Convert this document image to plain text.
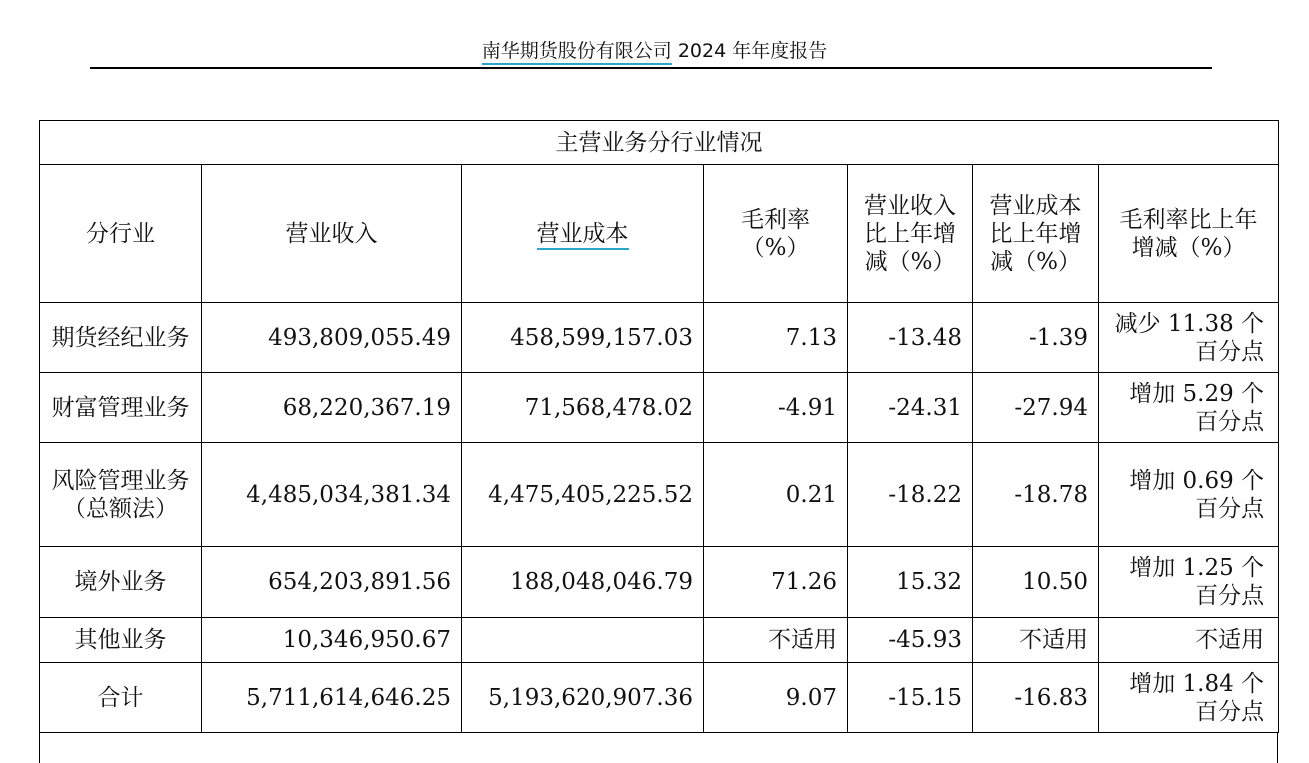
南华期货股份有限公司 2024 年年度报告
主营业务分行业情况						
分行业	营业收入	营业成本	毛利率（%）	营业收入比上年增减（%）	营业成本比上年增减（%）	毛利率比上年增减（%）
期货经纪业务	493,809,055.49	458,599,157.03	7.13	-13.48	-1.39	减少 11.38 个百分点
财富管理业务	68,220,367.19	71,568,478.02	-4.91	-24.31	-27.94	增加 5.29 个百分点
风险管理业务（总额法）	4,485,034,381.34	4,475,405,225.52	0.21	-18.22	-18.78	增加 0.69 个百分点
境外业务	654,203,891.56	188,048,046.79	71.26	15.32	10.50	增加 1.25 个百分点
其他业务	10,346,950.67		不适用	-45.93	不适用	不适用
合计	5,711,614,646.25	5,193,620,907.36	9.07	-15.15	-16.83	增加 1.84 个百分点
